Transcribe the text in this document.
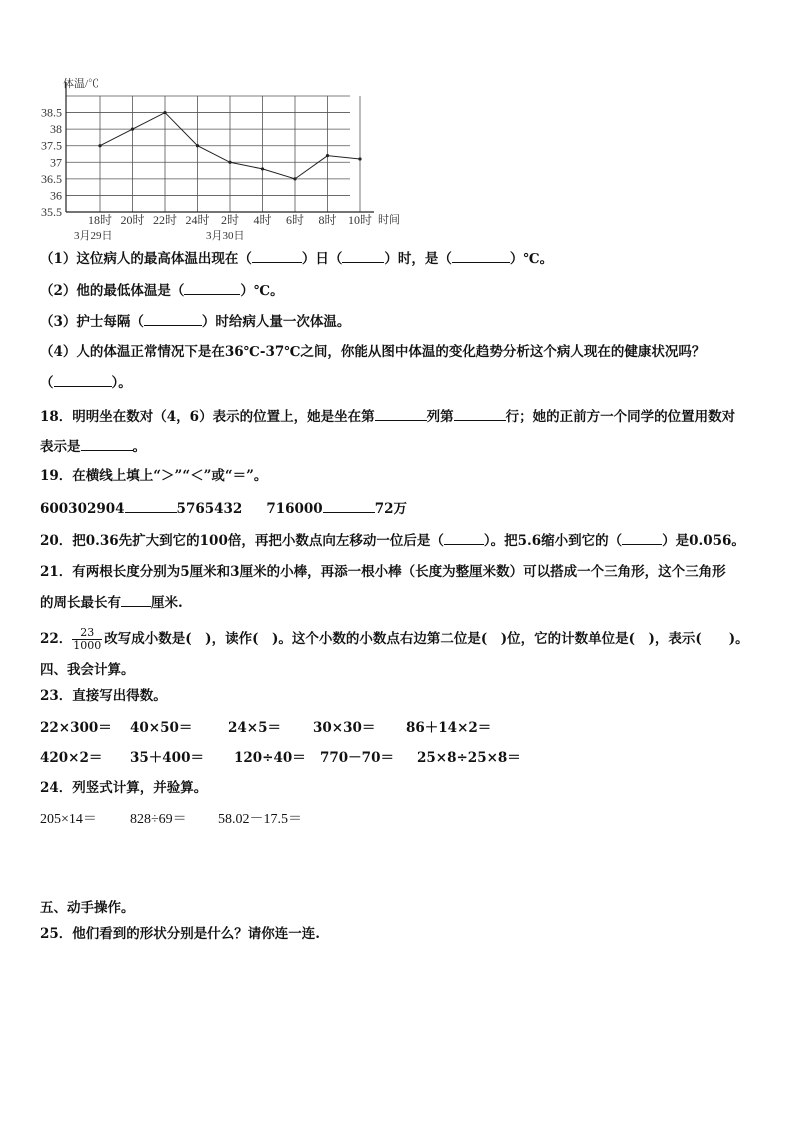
38.5
38
37.5
37
36.5
36
35.5
18时 20时 22时 24时 2时 4时 6时 8时 10时
体温/℃
时间
3月29日	3月30日
（1）这位病人的最高体温出现在（	）日（	）时，是（	）℃。
（2）他的最低体温是（	）℃。
（3）护士每隔（	）时给病人量一次体温。
（4）人的体温正常情况下是在36℃-37℃之间，你能从图中体温的变化趋势分析这个病人现在的健康状况吗？
（	）。
18．明明坐在数对（4，6）表示的位置上，她是坐在第	列第	行；她的正前方一个同学的位置用数对
表示是	。
19．在横线上填上“＞”“＜”或“＝”。
600302904	5765432 716000	72万
20．把0.36先扩大到它的100倍，再把小数点向左移动一位后是（	）。把5.6缩小到它的（	）是0.056。
21．有两根长度分别为5厘米和3厘米的小棒，再添一根小棒（长度为整厘米数）可以搭成一个三角形，这个三角形
的周长最长有 厘米.
22． $\frac{23}{1000}$ 改写成小数是(　)，读作(　)。这个小数的小数点右边第二位是(　)位，它的计数单位是(　)，表示(　　)。
四、我会计算。
23．直接写出得数。
22×300＝ 40×50＝	24×5＝ 30×30＝ 86＋14×2＝
420×2＝ 35＋400＝ 120÷40＝ 770－70＝ 25×8÷25×8＝
24．列竖式计算，并验算。
205×14＝ 828÷69＝ 58.02－17.5＝
五、动手操作。
25．他们看到的形状分别是什么？请你连一连.
